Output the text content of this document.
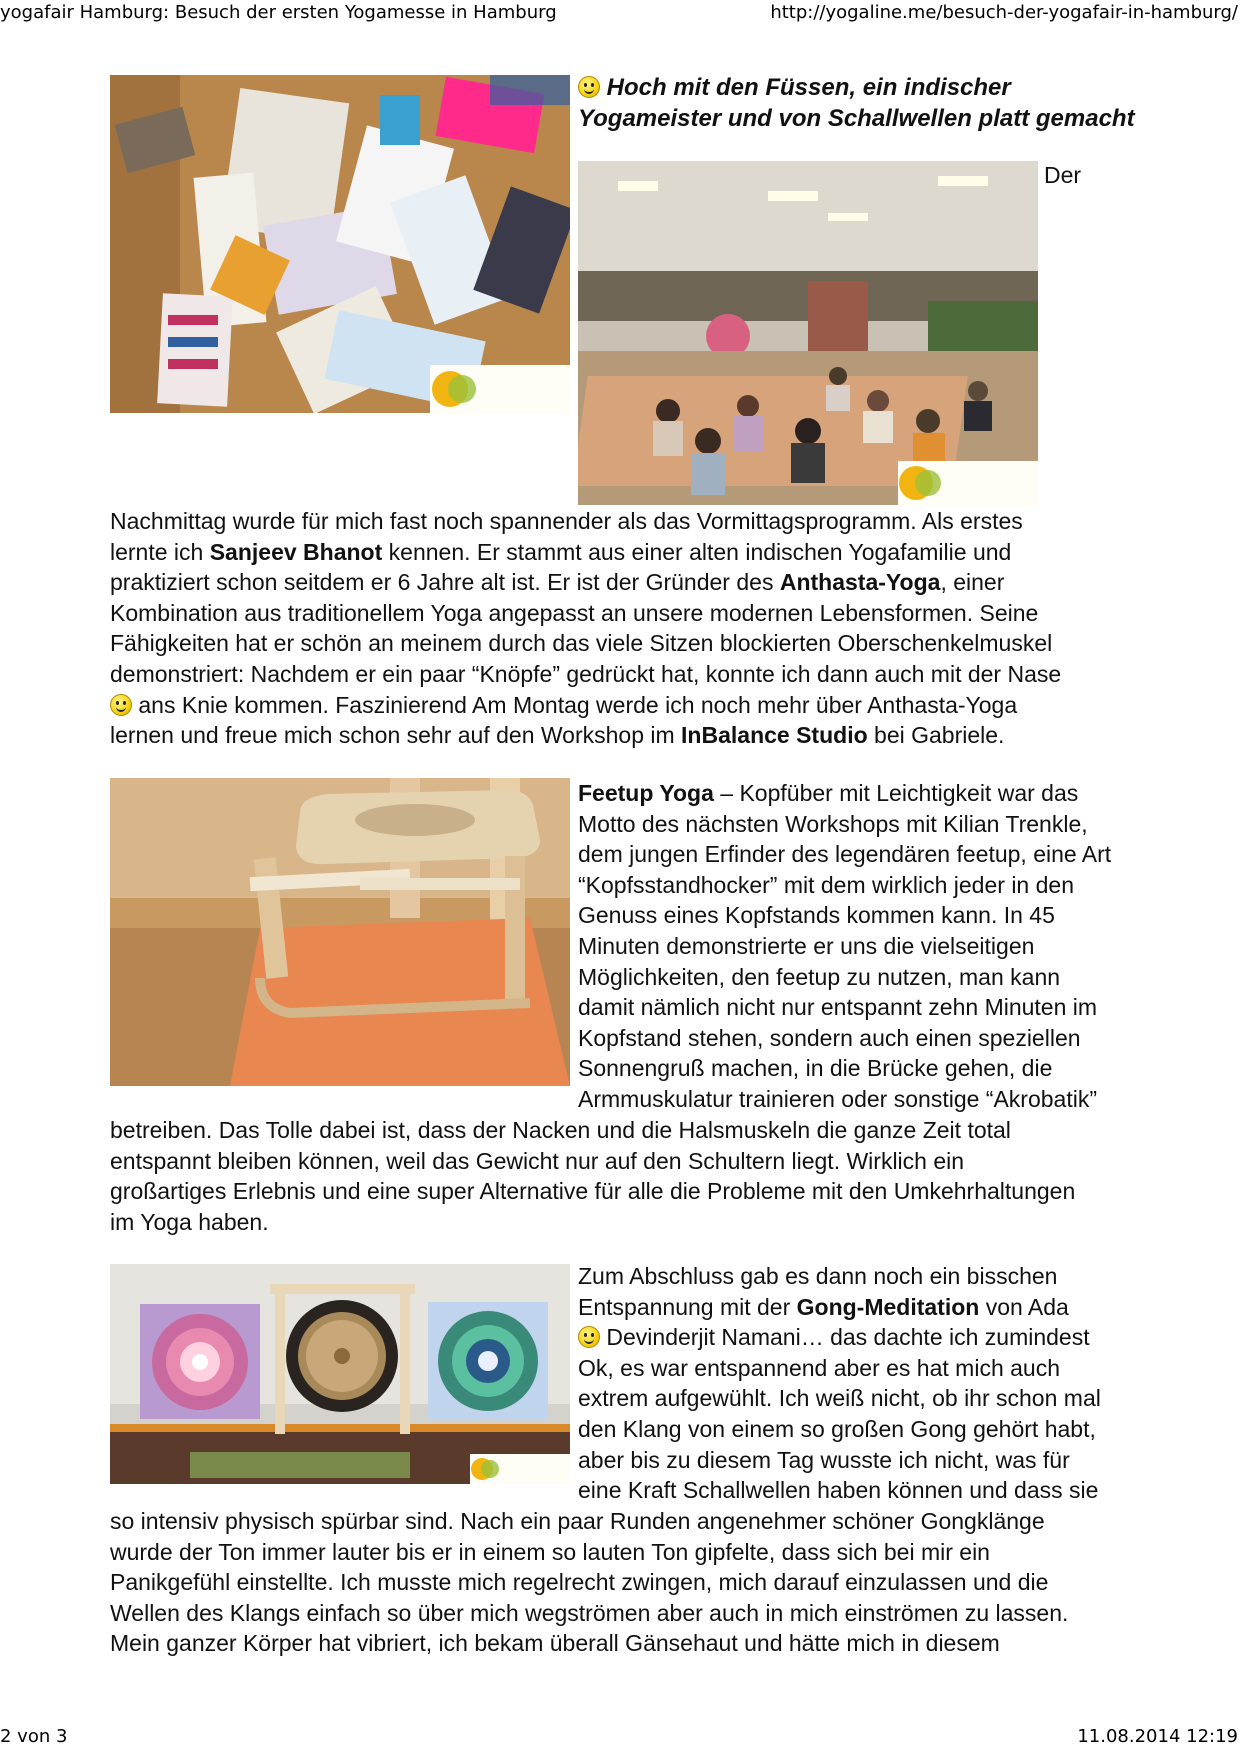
yogafair Hamburg: Besuch der ersten Yogamesse in Hamburg	http://yogaline.me/besuch-der-yogafair-in-hamburg/
2 von 3	11.08.2014 12:19
Hoch mit den Füssen, ein indischer
Yogameister und von Schallwellen platt gemacht
Der
Nachmittag wurde für mich fast noch spannender als das Vormittagsprogramm. Als erstes
lernte ich Sanjeev Bhanot kennen. Er stammt aus einer alten indischen Yogafamilie und
praktiziert schon seitdem er 6 Jahre alt ist. Er ist der Gründer des Anthasta-Yoga, einer
Kombination aus traditionellem Yoga angepasst an unsere modernen Lebensformen. Seine
Fähigkeiten hat er schön an meinem durch das viele Sitzen blockierten Oberschenkelmuskel
demonstriert: Nachdem er ein paar “Knöpfe” gedrückt hat, konnte ich dann auch mit der Nase
ans Knie kommen. Faszinierend Am Montag werde ich noch mehr über Anthasta-Yoga
lernen und freue mich schon sehr auf den Workshop im InBalance Studio bei Gabriele.
Feetup Yoga – Kopfüber mit Leichtigkeit war das
Motto des nächsten Workshops mit Kilian Trenkle,
dem jungen Erfinder des legendären feetup, eine Art
“Kopfsstandhocker” mit dem wirklich jeder in den
Genuss eines Kopfstands kommen kann. In 45
Minuten demonstrierte er uns die vielseitigen
Möglichkeiten, den feetup zu nutzen, man kann
damit nämlich nicht nur entspannt zehn Minuten im
Kopfstand stehen, sondern auch einen speziellen
Sonnengruß machen, in die Brücke gehen, die
Armmuskulatur trainieren oder sonstige “Akrobatik”
betreiben. Das Tolle dabei ist, dass der Nacken und die Halsmuskeln die ganze Zeit total
entspannt bleiben können, weil das Gewicht nur auf den Schultern liegt. Wirklich ein
großartiges Erlebnis und eine super Alternative für alle die Probleme mit den Umkehrhaltungen
im Yoga haben.
Zum Abschluss gab es dann noch ein bisschen
Entspannung mit der Gong-Meditation von Ada
Devinderjit Namani… das dachte ich zumindest
Ok, es war entspannend aber es hat mich auch
extrem aufgewühlt. Ich weiß nicht, ob ihr schon mal
den Klang von einem so großen Gong gehört habt,
aber bis zu diesem Tag wusste ich nicht, was für
eine Kraft Schallwellen haben können und dass sie
so intensiv physisch spürbar sind. Nach ein paar Runden angenehmer schöner Gongklänge
wurde der Ton immer lauter bis er in einem so lauten Ton gipfelte, dass sich bei mir ein
Panikgefühl einstellte. Ich musste mich regelrecht zwingen, mich darauf einzulassen und die
Wellen des Klangs einfach so über mich wegströmen aber auch in mich einströmen zu lassen.
Mein ganzer Körper hat vibriert, ich bekam überall Gänsehaut und hätte mich in diesem
